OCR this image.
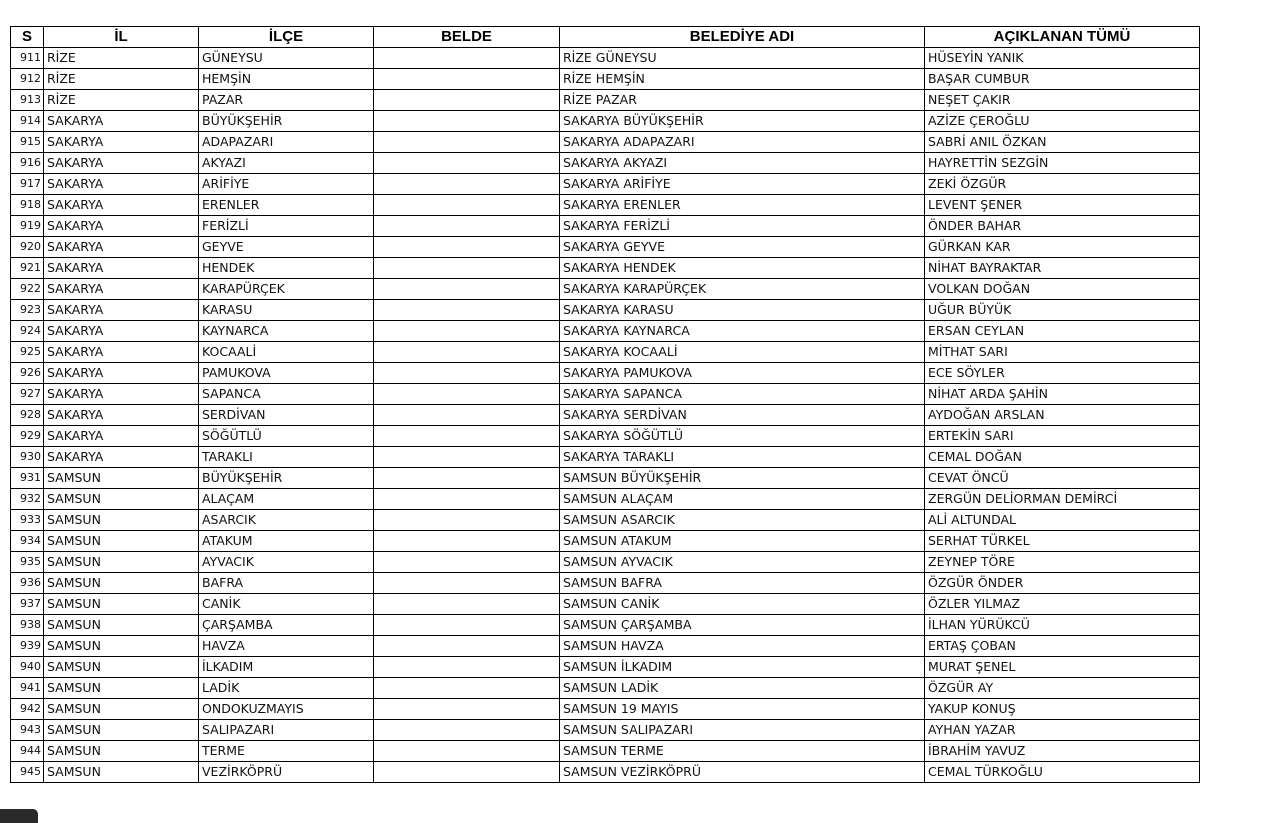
S	İL	İLÇE	BELDE	BELEDİYE ADI	AÇIKLANAN TÜMÜ
911	RİZE	GÜNEYSU		RİZE GÜNEYSU	HÜSEYİN YANIK
912	RİZE	HEMŞİN		RİZE HEMŞİN	BAŞAR CUMBUR
913	RİZE	PAZAR		RİZE PAZAR	NEŞET ÇAKIR
914	SAKARYA	BÜYÜKŞEHİR		SAKARYA BÜYÜKŞEHİR	AZİZE ÇEROĞLU
915	SAKARYA	ADAPAZARI		SAKARYA ADAPAZARI	SABRİ ANIL ÖZKAN
916	SAKARYA	AKYAZI		SAKARYA AKYAZI	HAYRETTİN SEZGİN
917	SAKARYA	ARİFİYE		SAKARYA ARİFİYE	ZEKİ ÖZGÜR
918	SAKARYA	ERENLER		SAKARYA ERENLER	LEVENT ŞENER
919	SAKARYA	FERİZLİ		SAKARYA FERİZLİ	ÖNDER BAHAR
920	SAKARYA	GEYVE		SAKARYA GEYVE	GÜRKAN KAR
921	SAKARYA	HENDEK		SAKARYA HENDEK	NİHAT BAYRAKTAR
922	SAKARYA	KARAPÜRÇEK		SAKARYA KARAPÜRÇEK	VOLKAN DOĞAN
923	SAKARYA	KARASU		SAKARYA KARASU	UĞUR BÜYÜK
924	SAKARYA	KAYNARCA		SAKARYA KAYNARCA	ERSAN CEYLAN
925	SAKARYA	KOCAALİ		SAKARYA KOCAALİ	MİTHAT SARI
926	SAKARYA	PAMUKOVA		SAKARYA PAMUKOVA	ECE SÖYLER
927	SAKARYA	SAPANCA		SAKARYA SAPANCA	NİHAT ARDA ŞAHİN
928	SAKARYA	SERDİVAN		SAKARYA SERDİVAN	AYDOĞAN ARSLAN
929	SAKARYA	SÖĞÜTLÜ		SAKARYA SÖĞÜTLÜ	ERTEKİN SARI
930	SAKARYA	TARAKLI		SAKARYA TARAKLI	CEMAL DOĞAN
931	SAMSUN	BÜYÜKŞEHİR		SAMSUN BÜYÜKŞEHİR	CEVAT ÖNCÜ
932	SAMSUN	ALAÇAM		SAMSUN ALAÇAM	ZERGÜN DELİORMAN DEMİRCİ
933	SAMSUN	ASARCIK		SAMSUN ASARCIK	ALİ ALTUNDAL
934	SAMSUN	ATAKUM		SAMSUN ATAKUM	SERHAT TÜRKEL
935	SAMSUN	AYVACIK		SAMSUN AYVACIK	ZEYNEP TÖRE
936	SAMSUN	BAFRA		SAMSUN BAFRA	ÖZGÜR ÖNDER
937	SAMSUN	CANİK		SAMSUN CANİK	ÖZLER YILMAZ
938	SAMSUN	ÇARŞAMBA		SAMSUN ÇARŞAMBA	İLHAN YÜRÜKCÜ
939	SAMSUN	HAVZA		SAMSUN HAVZA	ERTAŞ ÇOBAN
940	SAMSUN	İLKADIM		SAMSUN İLKADIM	MURAT ŞENEL
941	SAMSUN	LADİK		SAMSUN LADİK	ÖZGÜR AY
942	SAMSUN	ONDOKUZMAYIS		SAMSUN 19 MAYIS	YAKUP KONUŞ
943	SAMSUN	SALIPAZARI		SAMSUN SALIPAZARI	AYHAN YAZAR
944	SAMSUN	TERME		SAMSUN TERME	İBRAHİM YAVUZ
945	SAMSUN	VEZİRKÖPRÜ		SAMSUN VEZİRKÖPRÜ	CEMAL TÜRKOĞLU
